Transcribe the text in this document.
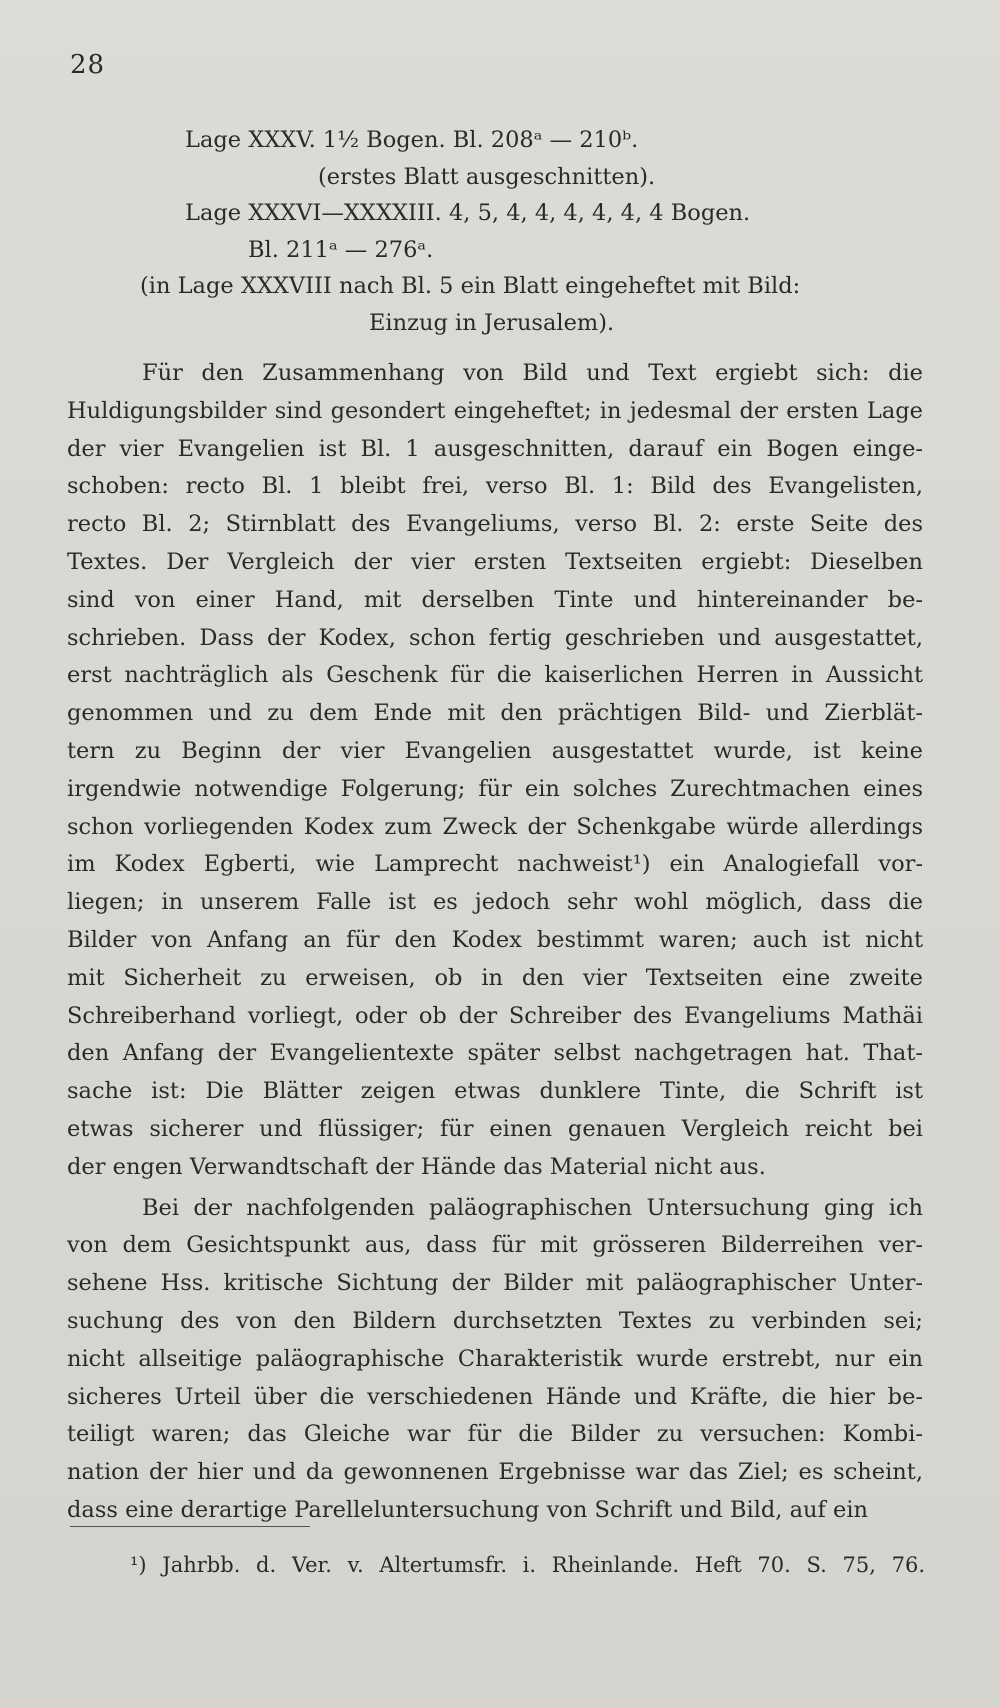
28
Lage XXXV. 1½ Bogen. Bl. 208ᵃ — 210ᵇ.
(erstes Blatt ausgeschnitten).
Lage XXXVI—XXXXIII. 4, 5, 4, 4, 4, 4, 4, 4 Bogen.
Bl. 211ᵃ — 276ᵃ.
(in Lage XXXVIII nach Bl. 5 ein Blatt eingeheftet mit Bild:
Einzug in Jerusalem).
Für den Zusammenhang von Bild und Text ergiebt sich: die
Huldigungsbilder sind gesondert eingeheftet; in jedesmal der ersten Lage
der vier Evangelien ist Bl. 1 ausgeschnitten, darauf ein Bogen einge-
schoben: recto Bl. 1 bleibt frei, verso Bl. 1: Bild des Evangelisten,
recto Bl. 2; Stirnblatt des Evangeliums, verso Bl. 2: erste Seite des
Textes. Der Vergleich der vier ersten Textseiten ergiebt: Dieselben
sind von einer Hand, mit derselben Tinte und hintereinander be-
schrieben. Dass der Kodex, schon fertig geschrieben und ausgestattet,
erst nachträglich als Geschenk für die kaiserlichen Herren in Aussicht
genommen und zu dem Ende mit den prächtigen Bild- und Zierblät-
tern zu Beginn der vier Evangelien ausgestattet wurde, ist keine
irgendwie notwendige Folgerung; für ein solches Zurechtmachen eines
schon vorliegenden Kodex zum Zweck der Schenkgabe würde allerdings
im Kodex Egberti, wie Lamprecht nachweist¹) ein Analogiefall vor-
liegen; in unserem Falle ist es jedoch sehr wohl möglich, dass die
Bilder von Anfang an für den Kodex bestimmt waren; auch ist nicht
mit Sicherheit zu erweisen, ob in den vier Textseiten eine zweite
Schreiberhand vorliegt, oder ob der Schreiber des Evangeliums Mathäi
den Anfang der Evangelientexte später selbst nachgetragen hat. That-
sache ist: Die Blätter zeigen etwas dunklere Tinte, die Schrift ist
etwas sicherer und flüssiger; für einen genauen Vergleich reicht bei
der engen Verwandtschaft der Hände das Material nicht aus.
Bei der nachfolgenden paläographischen Untersuchung ging ich
von dem Gesichtspunkt aus, dass für mit grösseren Bilderreihen ver-
sehene Hss. kritische Sichtung der Bilder mit paläographischer Unter-
suchung des von den Bildern durchsetzten Textes zu verbinden sei;
nicht allseitige paläographische Charakteristik wurde erstrebt, nur ein
sicheres Urteil über die verschiedenen Hände und Kräfte, die hier be-
teiligt waren; das Gleiche war für die Bilder zu versuchen: Kombi-
nation der hier und da gewonnenen Ergebnisse war das Ziel; es scheint,
dass eine derartige Parelleluntersuchung von Schrift und Bild, auf ein
¹) Jahrbb. d. Ver. v. Altertumsfr. i. Rheinlande. Heft 70. S. 75, 76.
